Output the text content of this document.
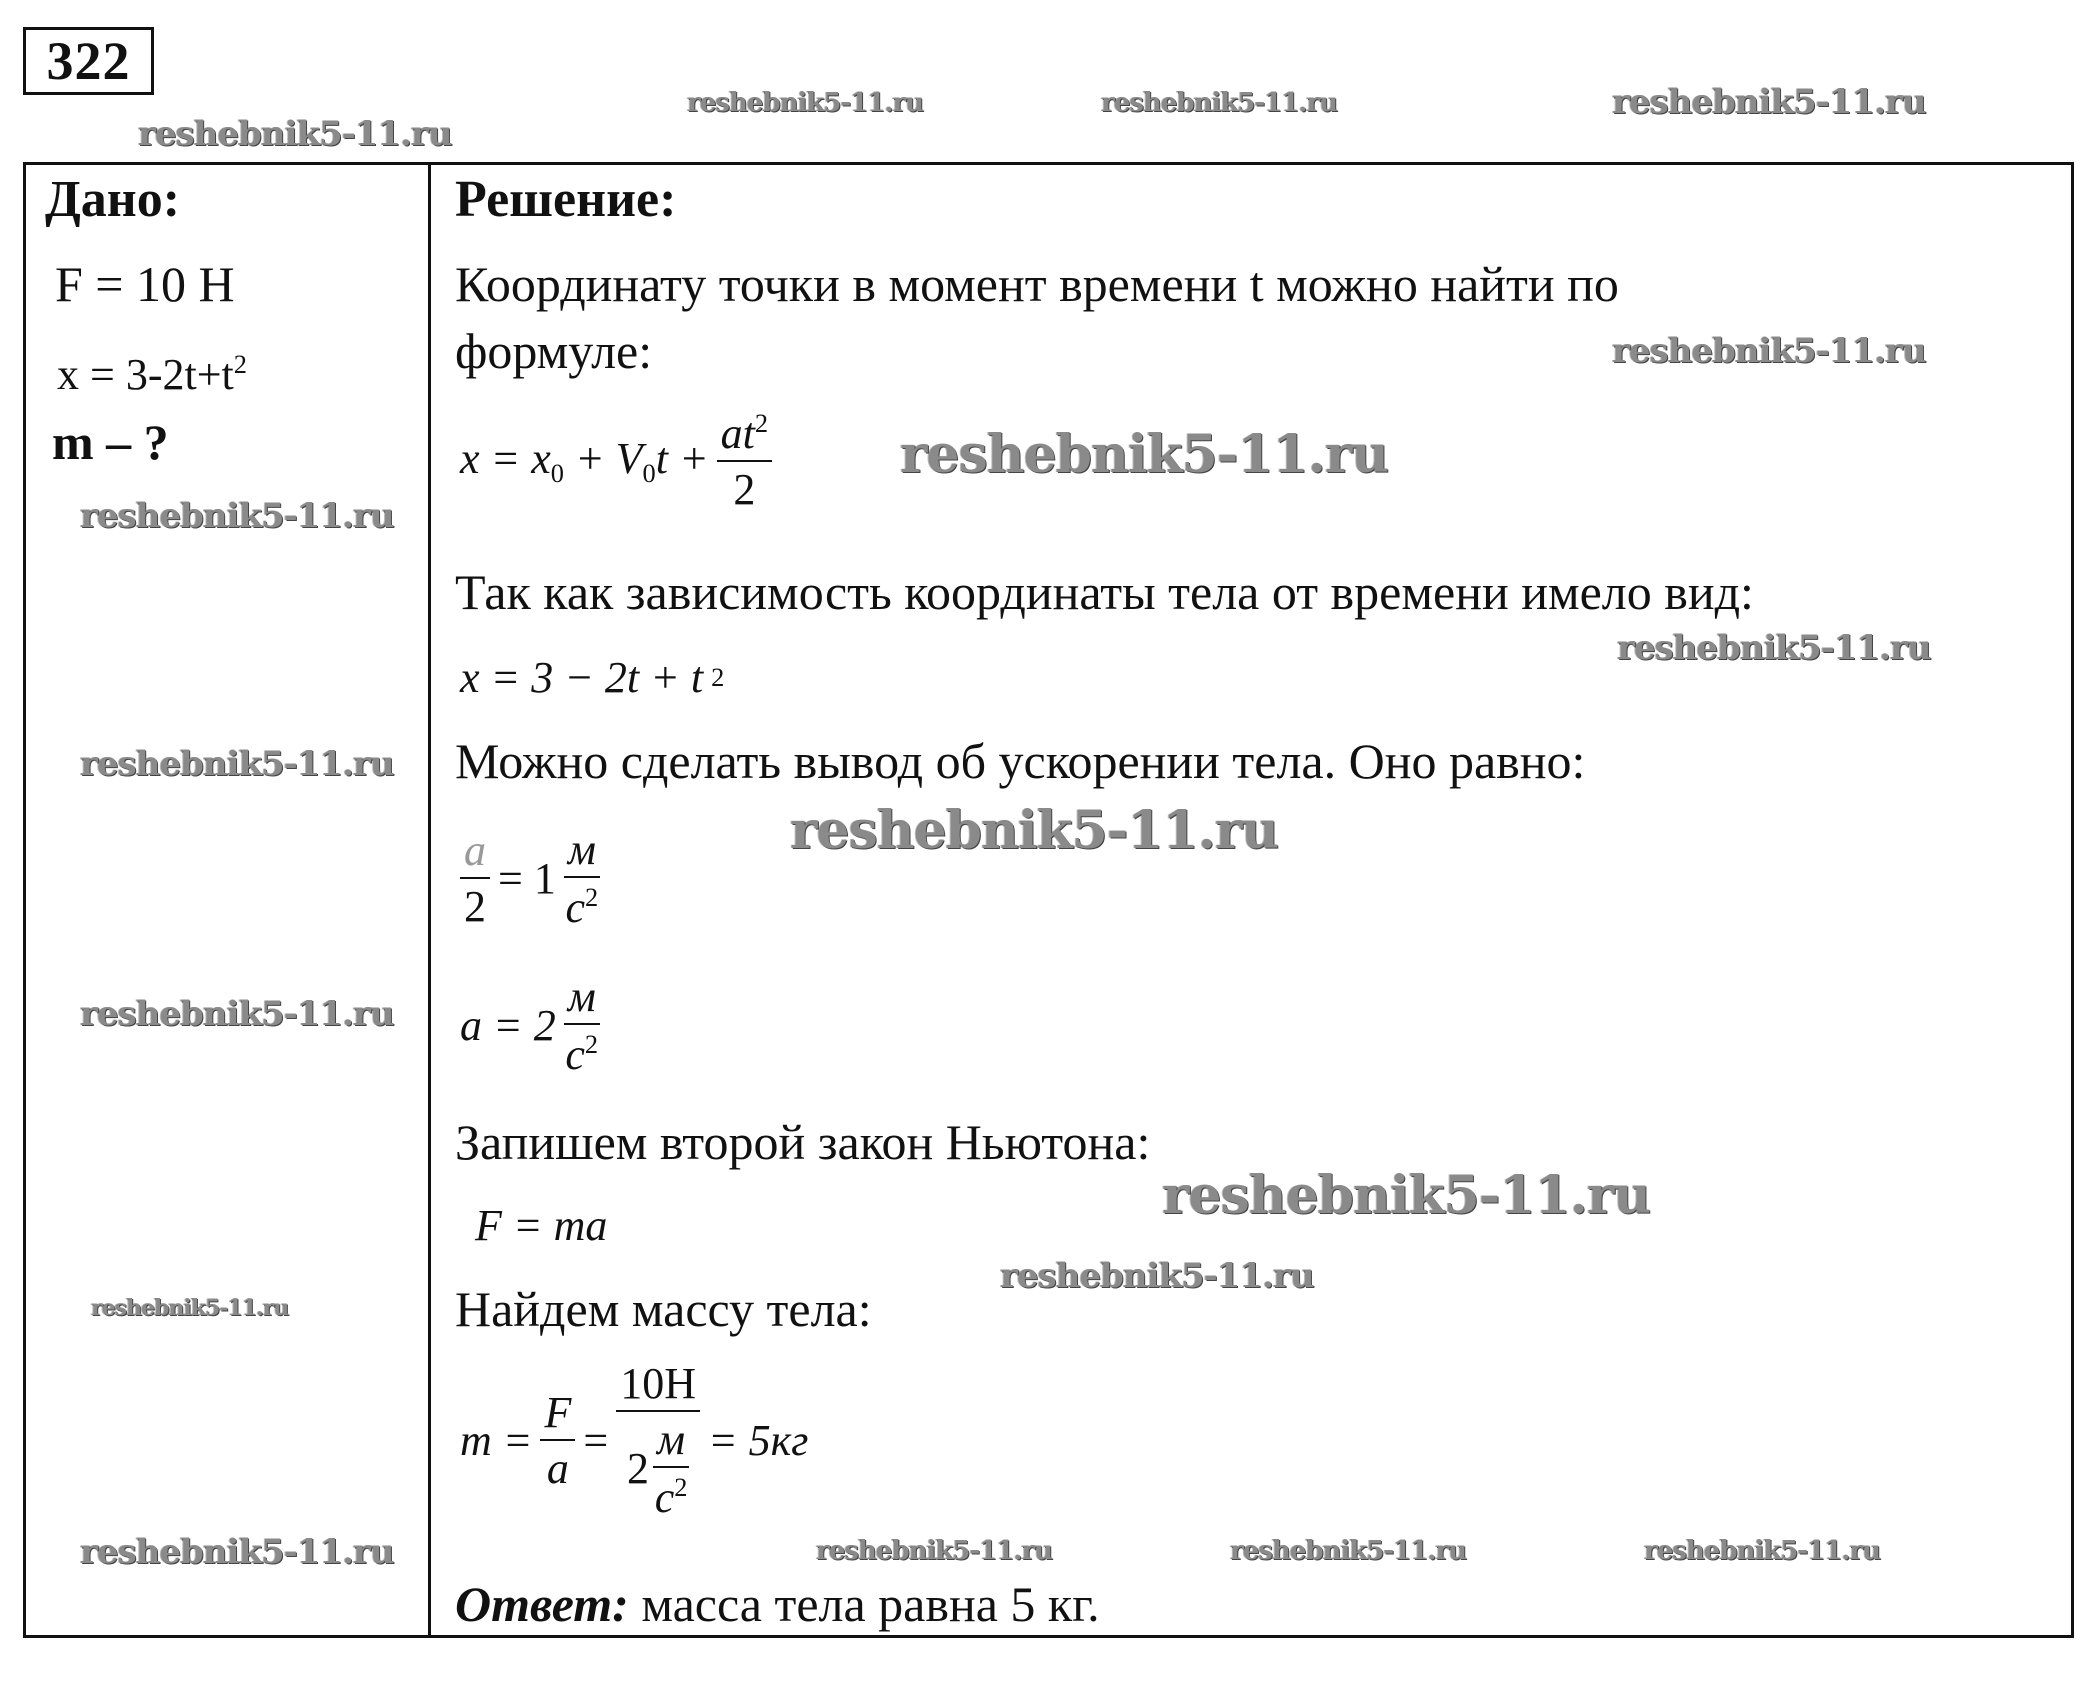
322
Дано:
F = 10 Н
$x = 3-2t+t^2$
m – ?
Решение:
Координату точки в момент времени t можно найти по
формуле:
$x = x_0 + V_0t + \frac{at^2}{2}$
Так как зависимость координаты тела от времени имело вид:
x = 3 − 2t + t 2
Можно сделать вывод об ускорении тела. Оно равно:
$\frac{a}{2} = 1 \frac{м}{c^2}$
$a = 2 \frac{м}{c^2}$
Запишем второй закон Ньютона:
F = ma
Найдем массу тела:
$m = \frac{F}{a} = \frac{10H}{2 \frac{м}{c^2}} = 5кг$
Ответ: масса тела равна 5 кг.
reshebnik5-11.ru
reshebnik5-11.ru	reshebnik5-11.ru	reshebnik5-11.ru
reshebnik5-11.ru
reshebnik5-11.ru
reshebnik5-11.ru
reshebnik5-11.ru
reshebnik5-11.ru
reshebnik5-11.ru
reshebnik5-11.ru
reshebnik5-11.ru
reshebnik5-11.ru
reshebnik5-11.ru
reshebnik5-11.ru	reshebnik5-11.ru	reshebnik5-11.ru	reshebnik5-11.ru
